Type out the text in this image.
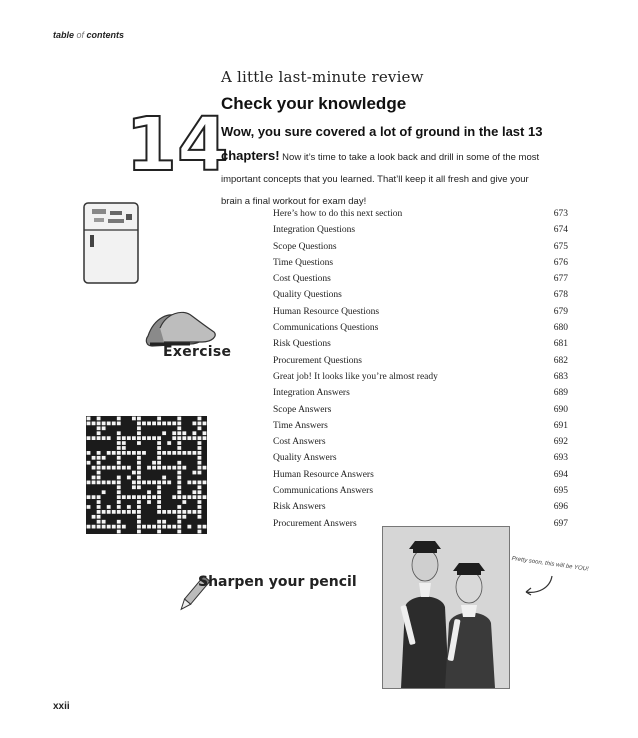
table of contents
14
A little last-minute review
Check your knowledge
Wow, you sure covered a lot of ground in the last 13 chapters! Now it’s time to take a look back and drill in some of the most important concepts that you learned. That’ll keep it all fresh and give your brain a final workout for exam day!
Here’s how to do this next section	673
Integration Questions	674
Scope Questions	675
Time Questions	676
Cost Questions	677
Quality Questions	678
Human Resource Questions	679
Communications Questions	680
Risk Questions	681
Procurement Questions	682
Great job! It looks like you’re almost ready	683
Integration Answers	689
Scope Answers	690
Time Answers	691
Cost Answers	692
Quality Answers	693
Human Resource Answers	694
Communications Answers	695
Risk Answers	696
Procurement Answers	697
Exercise
Sharpen your pencil
Pretty soon, this will be YOU!
xxii
